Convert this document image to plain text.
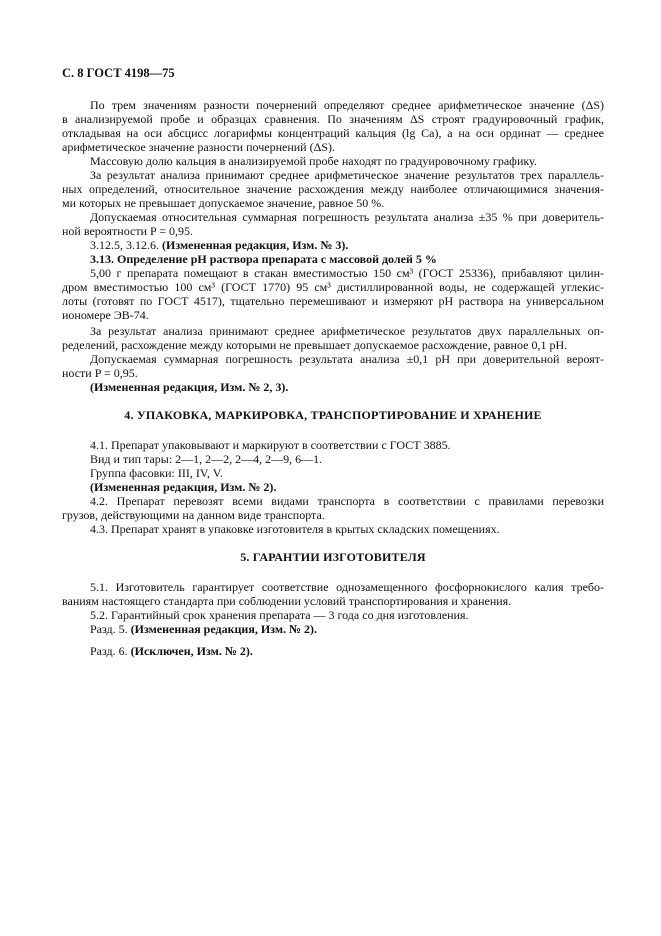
С. 8 ГОСТ 4198—75
По трем значениям разности почернений определяют среднее арифметическое значение (ΔS)
в анализируемой пробе и образцах сравнения. По значениям ΔS строят градуировочный график,
откладывая на оси абсцисс логарифмы концентраций кальция (lg Ca), а на оси ординат — среднее
арифметическое значение разности почернений (ΔS).
Массовую долю кальция в анализируемой пробе находят по градуировочному графику.
За результат анализа принимают среднее арифметическое значение результатов трех параллель-
ных определений, относительное значение расхождения между наиболее отличающимися значения-
ми которых не превышает допускаемое значение, равное 50 %.
Допускаемая относительная суммарная погрешность результата анализа ±35 % при доверитель-
ной вероятности P = 0,95.
3.12.5, 3.12.6. (Измененная редакция, Изм. № 3).
3.13. Определение pH раствора препарата с массовой долей 5 %
5,00 г препарата помещают в стакан вместимостью 150 см³ (ГОСТ 25336), прибавляют цилин-
дром вместимостью 100 см³ (ГОСТ 1770) 95 см³ дистиллированной воды, не содержащей углекис-
лоты (готовят по ГОСТ 4517), тщательно перемешивают и измеряют pH раствора на универсальном
иономере ЭВ-74.
За результат анализа принимают среднее арифметическое результатов двух параллельных оп-
ределений, расхождение между которыми не превышает допускаемое расхождение, равное 0,1 pH.
Допускаемая суммарная погрешность результата анализа ±0,1 pH при доверительной вероят-
ности P = 0,95.
(Измененная редакция, Изм. № 2, 3).
4. УПАКОВКА, МАРКИРОВКА, ТРАНСПОРТИРОВАНИЕ И ХРАНЕНИЕ
4.1. Препарат упаковывают и маркируют в соответствии с ГОСТ 3885.
Вид и тип тары: 2—1, 2—2, 2—4, 2—9, 6—1.
Группа фасовки: III, IV, V.
(Измененная редакция, Изм. № 2).
4.2. Препарат перевозят всеми видами транспорта в соответствии с правилами перевозки
грузов, действующими на данном виде транспорта.
4.3. Препарат хранят в упаковке изготовителя в крытых складских помещениях.
5. ГАРАНТИИ ИЗГОТОВИТЕЛЯ
5.1. Изготовитель гарантирует соответствие однозамещенного фосфорнокислого калия требо-
ваниям настоящего стандарта при соблюдении условий транспортирования и хранения.
5.2. Гарантийный срок хранения препарата — 3 года со дня изготовления.
Разд. 5. (Измененная редакция, Изм. № 2).
Разд. 6. (Исключен, Изм. № 2).
